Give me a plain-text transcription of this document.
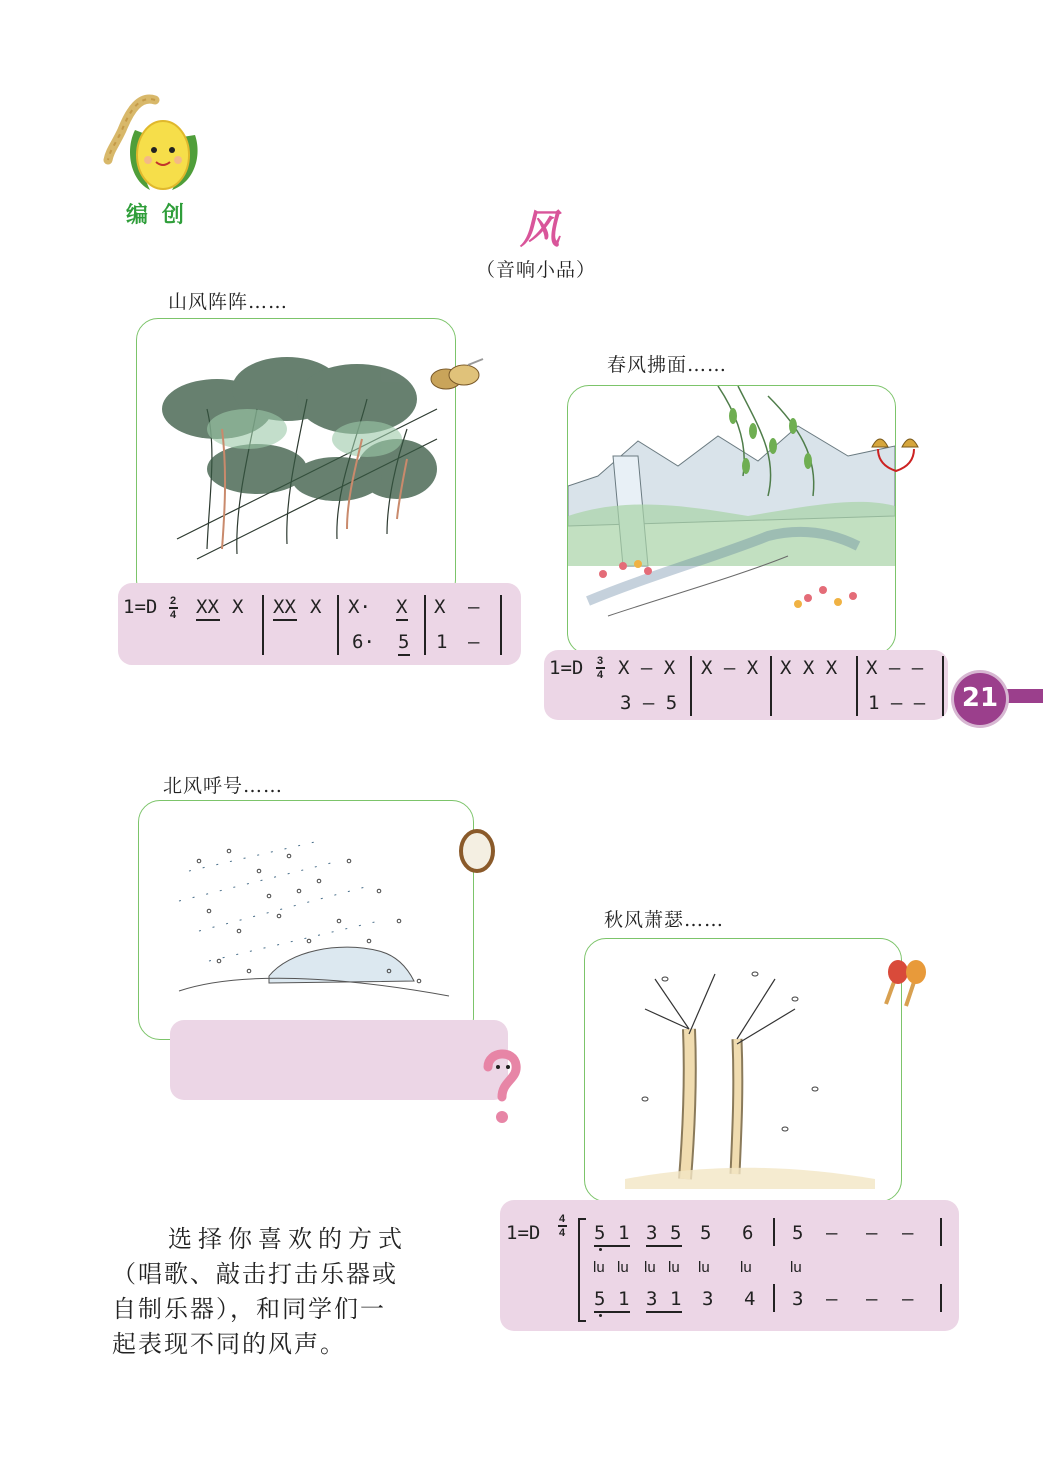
编创	风
（音响小品）
山风阵阵……
1=D 2
4 XX X XX X X· X X –
6· 5 1 –
春风拂面……
1=D 3
4 X – X X – X X X X X – –
3 – 5	1 – –	21
北风呼号……
秋风萧瑟……
1=D
4
4 5 1 3 5 5 6 5 – – –
lu lu lu lu lu lu	lu
5 1 3 1 3 4 3 – – –
选择你喜欢的方式
（唱歌、敲击打击乐器或
自制乐器），和同学们一
起表现不同的风声。
